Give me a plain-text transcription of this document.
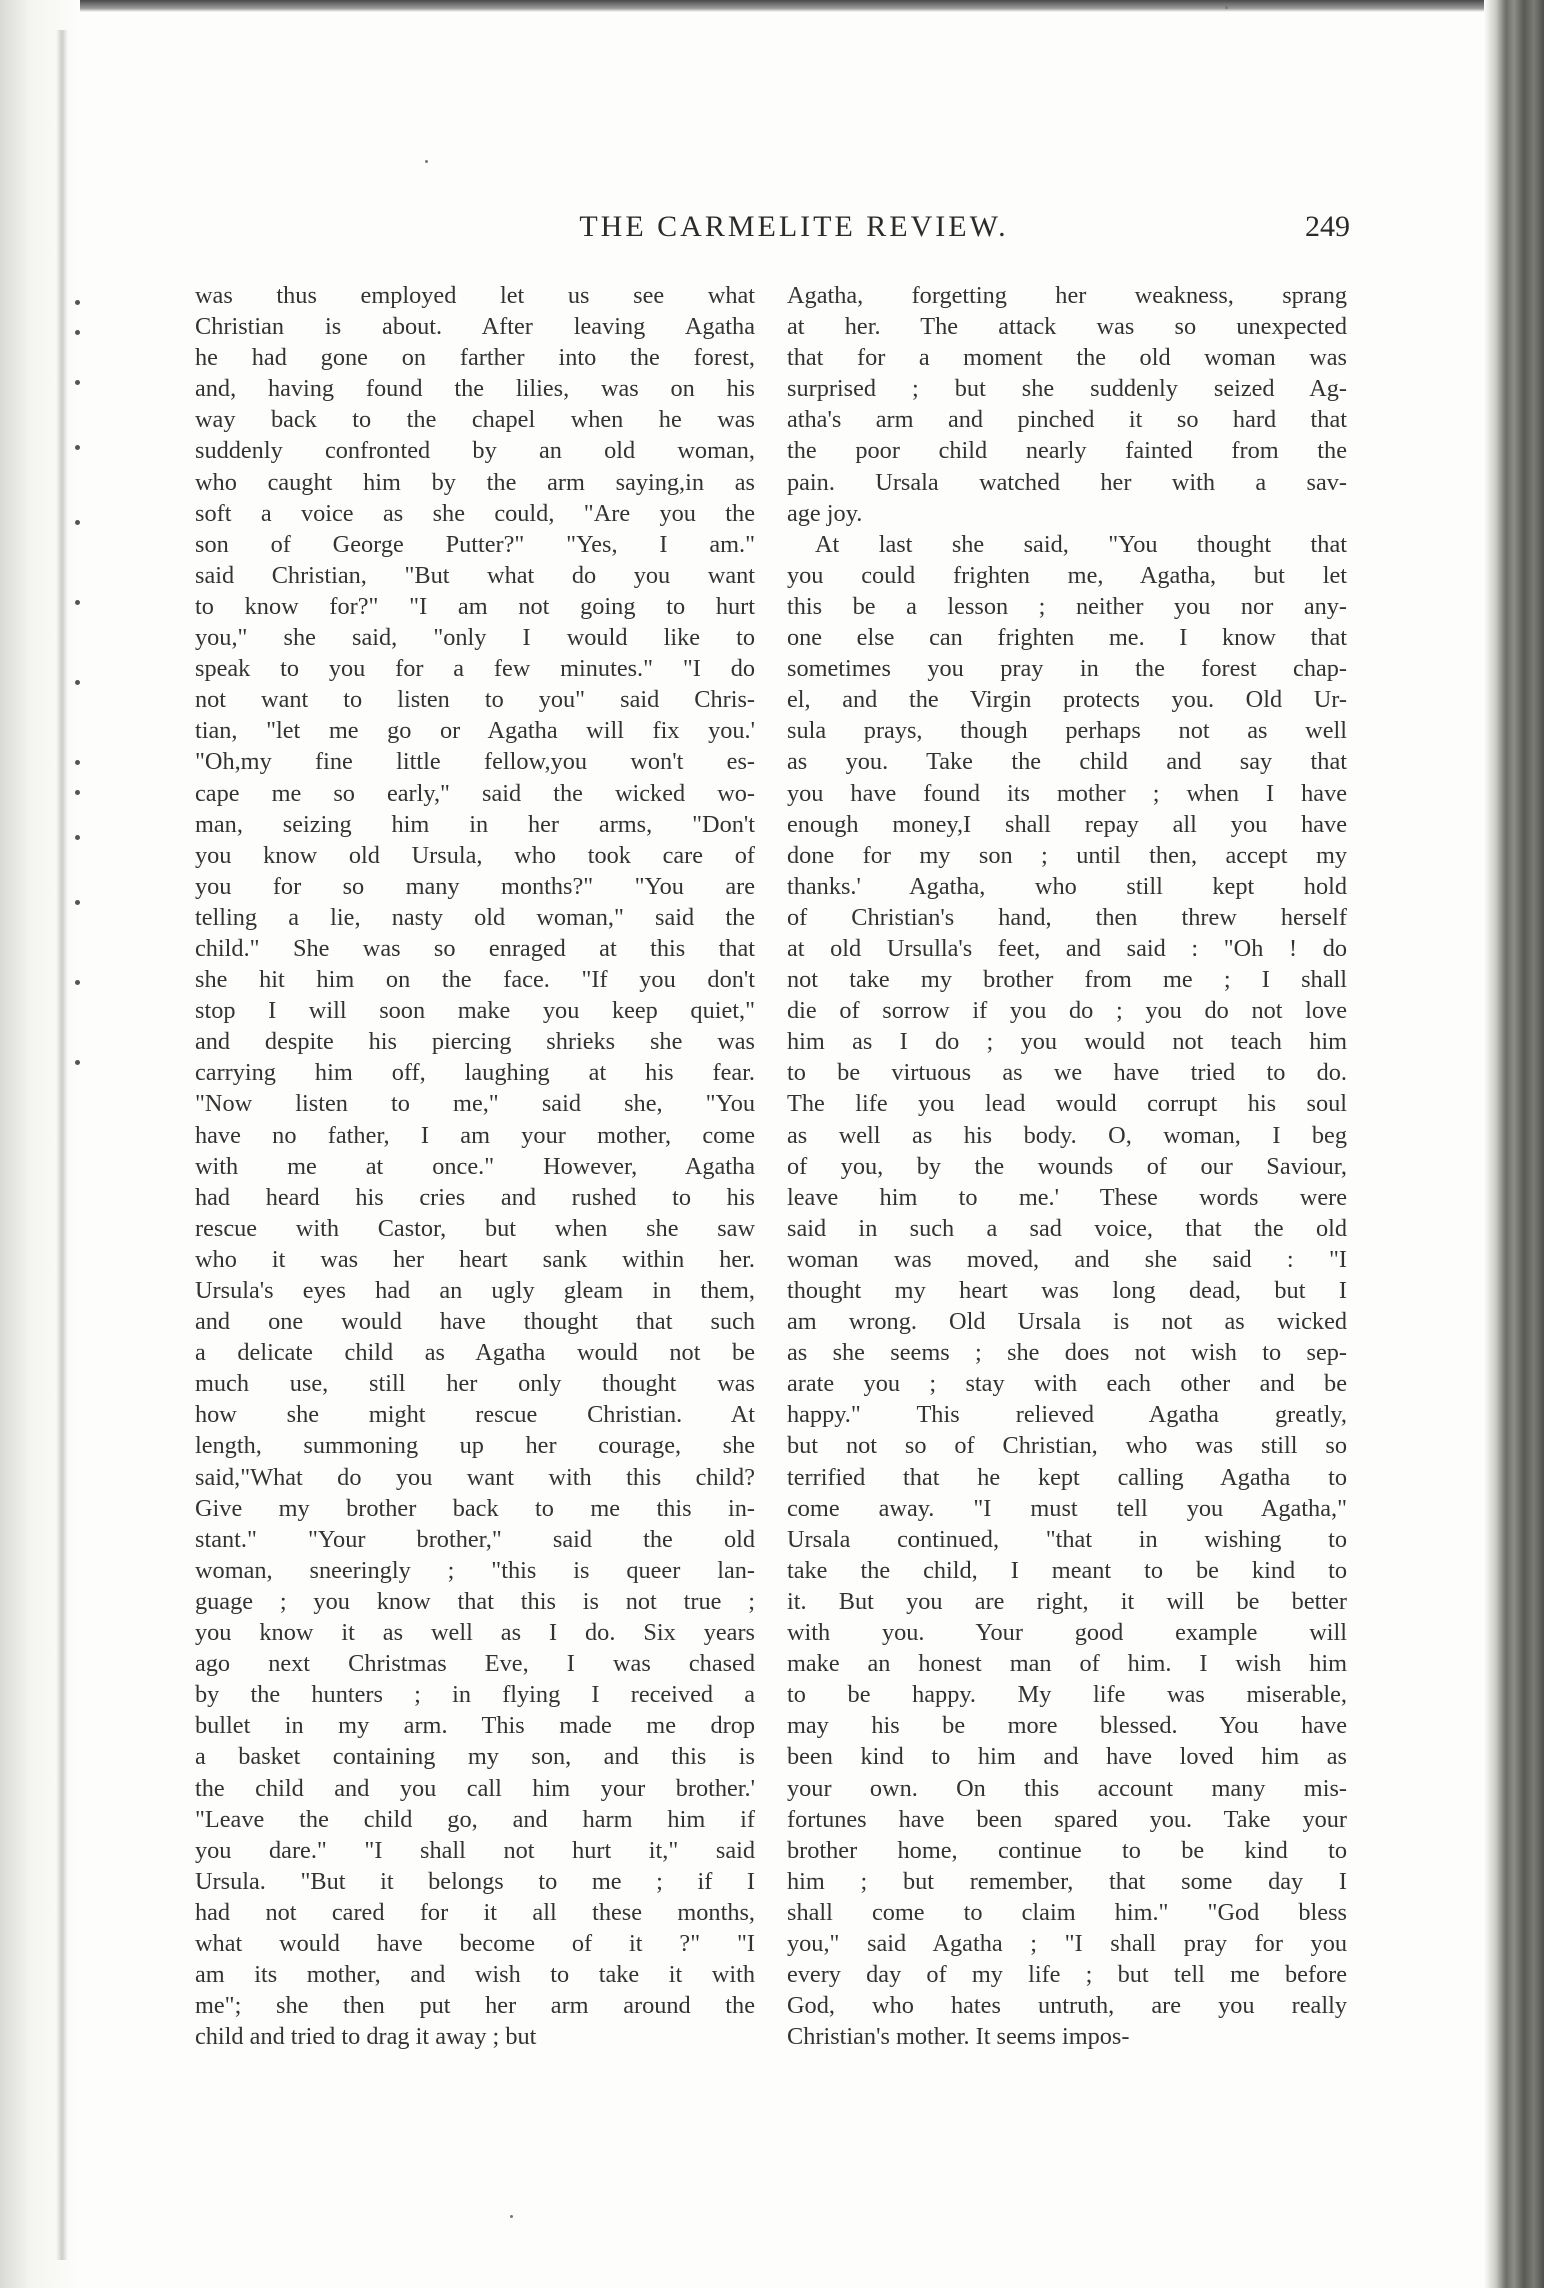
THE CARMELITE REVIEW.	249
was thus employed let us see what
Christian is about. After leaving Agatha
he had gone on farther into the forest,
and, having found the lilies, was on his
way back to the chapel when he was
suddenly confronted by an old woman,
who caught him by the arm saying,in as
soft a voice as she could, "Are you the
son of George Putter?" "Yes, I am."
said Christian, "But what do you want
to know for?" "I am not going to hurt
you," she said, "only I would like to
speak to you for a few minutes." "I do
not want to listen to you" said Chris-
tian, "let me go or Agatha will fix you.'
"Oh,my fine little fellow,you won't es-
cape me so early," said the wicked wo-
man, seizing him in her arms, "Don't
you know old Ursula, who took care of
you for so many months?" "You are
telling a lie, nasty old woman," said the
child." She was so enraged at this that
she hit him on the face. "If you don't
stop I will soon make you keep quiet,"
and despite his piercing shrieks she was
carrying him off, laughing at his fear.
"Now listen to me," said she, "You
have no father, I am your mother, come
with me at once." However, Agatha
had heard his cries and rushed to his
rescue with Castor, but when she saw
who it was her heart sank within her.
Ursula's eyes had an ugly gleam in them,
and one would have thought that such
a delicate child as Agatha would not be
much use, still her only thought was
how she might rescue Christian. At
length, summoning up her courage, she
said,"What do you want with this child?
Give my brother back to me this in-
stant." "Your brother," said the old
woman, sneeringly ; "this is queer lan-
guage ; you know that this is not true ;
you know it as well as I do. Six years
ago next Christmas Eve, I was chased
by the hunters ; in flying I received a
bullet in my arm. This made me drop
a basket containing my son, and this is
the child and you call him your brother.'
"Leave the child go, and harm him if
you dare." "I shall not hurt it," said
Ursula. "But it belongs to me ; if I
had not cared for it all these months,
what would have become of it ?" "I
am its mother, and wish to take it with
me"; she then put her arm around the
child and tried to drag it away ; but
Agatha, forgetting her weakness, sprang
at her. The attack was so unexpected
that for a moment the old woman was
surprised ; but she suddenly seized Ag-
atha's arm and pinched it so hard that
the poor child nearly fainted from the
pain. Ursala watched her with a sav-
age joy.
At last she said, "You thought that
you could frighten me, Agatha, but let
this be a lesson ; neither you nor any-
one else can frighten me. I know that
sometimes you pray in the forest chap-
el, and the Virgin protects you. Old Ur-
sula prays, though perhaps not as well
as you. Take the child and say that
you have found its mother ; when I have
enough money,I shall repay all you have
done for my son ; until then, accept my
thanks.' Agatha, who still kept hold
of Christian's hand, then threw herself
at old Ursulla's feet, and said : "Oh ! do
not take my brother from me ; I shall
die of sorrow if you do ; you do not love
him as I do ; you would not teach him
to be virtuous as we have tried to do.
The life you lead would corrupt his soul
as well as his body. O, woman, I beg
of you, by the wounds of our Saviour,
leave him to me.' These words were
said in such a sad voice, that the old
woman was moved, and she said : "I
thought my heart was long dead, but I
am wrong. Old Ursala is not as wicked
as she seems ; she does not wish to sep-
arate you ; stay with each other and be
happy." This relieved Agatha greatly,
but not so of Christian, who was still so
terrified that he kept calling Agatha to
come away. "I must tell you Agatha,"
Ursala continued, "that in wishing to
take the child, I meant to be kind to
it. But you are right, it will be better
with you. Your good example will
make an honest man of him. I wish him
to be happy. My life was miserable,
may his be more blessed. You have
been kind to him and have loved him as
your own. On this account many mis-
fortunes have been spared you. Take your
brother home, continue to be kind to
him ; but remember, that some day I
shall come to claim him." "God bless
you," said Agatha ; "I shall pray for you
every day of my life ; but tell me before
God, who hates untruth, are you really
Christian's mother. It seems impos-
